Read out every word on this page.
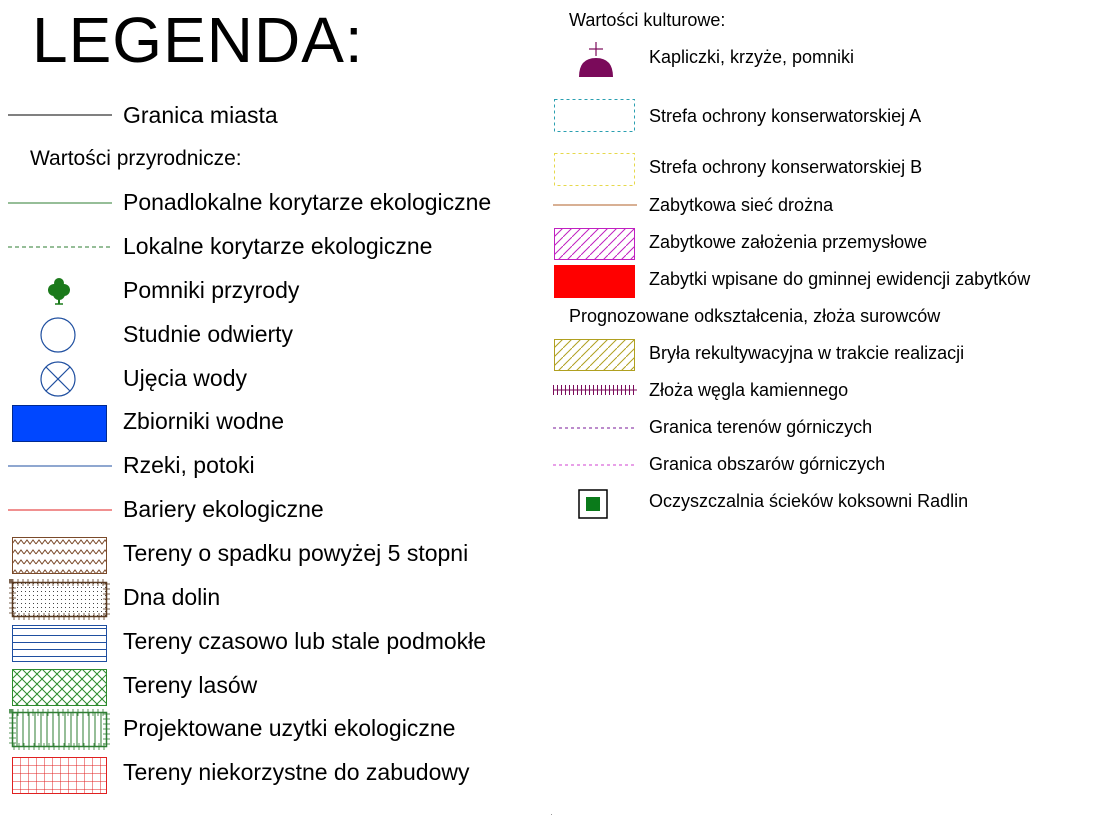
LEGENDA:
Granica miasta
Wartości przyrodnicze:
Ponadlokalne korytarze ekologiczne
Lokalne korytarze ekologiczne
Pomniki przyrody
Studnie odwierty
Ujęcia wody
Zbiorniki wodne
Rzeki, potoki
Bariery ekologiczne
Tereny o spadku powyżej 5 stopni
Dna dolin
Tereny czasowo lub stale podmokłe
Tereny lasów
Projektowane uzytki ekologiczne
Tereny niekorzystne do zabudowy
Wartości kulturowe:
Kapliczki, krzyże, pomniki
Strefa ochrony konserwatorskiej A
Strefa ochrony konserwatorskiej B
Zabytkowa sieć drożna
Zabytkowe założenia przemysłowe
Zabytki wpisane do gminnej ewidencji zabytków
Prognozowane odkształcenia, złoża surowców
Bryła rekultywacyjna w trakcie realizacji
Złoża węgla kamiennego
Granica terenów górniczych
Granica obszarów górniczych
Oczyszczalnia ścieków koksowni Radlin
